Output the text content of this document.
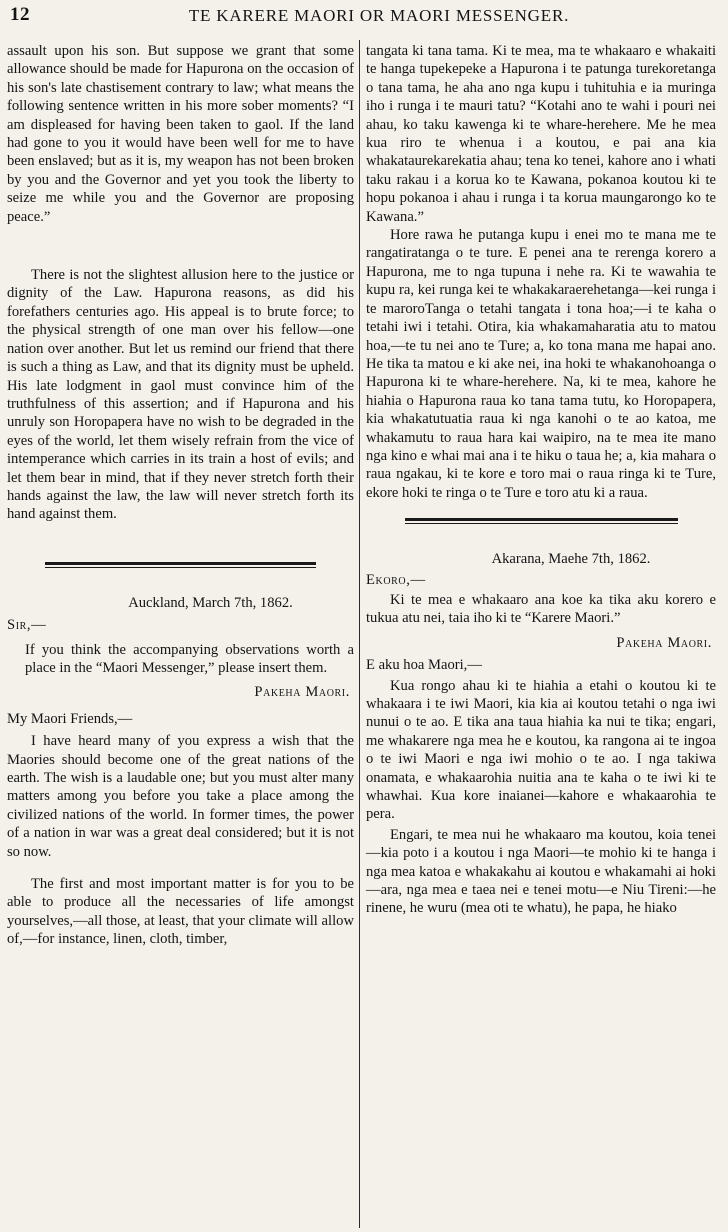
12	TE KARERE MAORI OR MAORI MESSENGER.

assault upon his son. But suppose we grant that some allowance should be made for Hapurona on the occasion of his son's late chastisement contrary to law; what means the following sentence written in his more sober moments? “I am displeased for having been taken to gaol. If the land had gone to you it would have been well for me to have been enslaved; but as it is, my weapon has not been broken by you and the Governor and yet you took the liberty to seize me while you and the Governor are proposing peace.”

There is not the slightest allusion here to the justice or dignity of the Law. Hapurona reasons, as did his forefathers centuries ago. His appeal is to brute force; to the physical strength of one man over his fellow—one nation over another. But let us remind our friend that there is such a thing as Law, and that its dignity must be upheld. His late lodgment in gaol must convince him of the truthfulness of this assertion; and if Hapurona and his unruly son Horopapera have no wish to be degraded in the eyes of the world, let them wisely refrain from the vice of intemperance which carries in its train a host of evils; and let them bear in mind, that if they never stretch forth their hands against the law, the law will never stretch forth its hand against them.

Auckland, March 7th, 1862.

Sir,—

If you think the accompanying observations worth a place in the “Maori Messenger,” please insert them.

Pakeha Maori.

My Maori Friends,—

I have heard many of you express a wish that the Maories should become one of the great nations of the earth. The wish is a laudable one; but you must alter many matters among you before you take a place among the civilized nations of the world. In former times, the power of a nation in war was a great deal considered; but it is not so now.

The first and most important matter is for you to be able to produce all the necessaries of life amongst yourselves,—all those, at least, that your climate will allow of,—for instance, linen, cloth, timber,

tangata ki tana tama. Ki te mea, ma te whakaaro e whakaiti te hanga tupekepeke a Hapurona i te patunga turekoretanga o tana tama, he aha ano nga kupu i tuhituhia e ia muringa iho i runga i te mauri tatu? “Kotahi ano te wahi i pouri nei ahau, ko taku kawenga ki te whare-herehere. Me he mea kua riro te whenua i a koutou, e pai ana kia whakataurekarekatia ahau; tena ko tenei, kahore ano i whati taku rakau i a korua ko te Kawana, pokanoa koutou ki te hopu pokanoa i ahau i runga i ta korua maungarongo ko te Kawana.”

Hore rawa he putanga kupu i enei mo te mana me te rangatiratanga o te ture. E penei ana te rerenga korero a Hapurona, me to nga tupuna i nehe ra. Ki te wawahia te kupu ra, kei runga kei te whakakaraerehetanga—kei runga i te maroroTanga o tetahi tangata i tona hoa;—i te kaha o tetahi iwi i tetahi. Otira, kia whakamaharatia atu to matou hoa,—te tu nei ano te Ture; a, ko tona mana me hapai ano. He tika ta matou e ki ake nei, ina hoki te whakanohoanga o Hapurona ki te whare-herehere. Na, ki te mea, kahore he hiahia o Hapurona raua ko tana tama tutu, ko Horopapera, kia whakatutuatia raua ki nga kanohi o te ao katoa, me whakamutu to raua hara kai waipiro, na te mea ite mano nga kino e whai mai ana i te hiku o taua he; a, kia mahara o raua ngakau, ki te kore e toro mai o raua ringa ki te Ture, ekore hoki te ringa o te Ture e toro atu ki a raua.

Akarana, Maehe 7th, 1862.

Ekoro,—

Ki te mea e whakaaro ana koe ka tika aku korero e tukua atu nei, taia iho ki te “Karere Maori.”

Pakeha Maori.

E aku hoa Maori,—

Kua rongo ahau ki te hiahia a etahi o koutou ki te whakaara i te iwi Maori, kia kia ai koutou tetahi o nga iwi nunui o te ao. E tika ana taua hiahia ka nui te tika; engari, me whakarere nga mea he e koutou, ka rangona ai te ingoa o te iwi Maori e nga iwi mohio o te ao. I nga takiwa onamata, e whakaarohia nuitia ana te kaha o te iwi ki te whawhai. Kua kore inaianei—kahore e whakaarohia te pera.

Engari, te mea nui he whakaaro ma koutou, koia tenei—kia poto i a koutou i nga Maori—te mohio ki te hanga i nga mea katoa e whakakahu ai koutou e whakamahi ai hoki—ara, nga mea e taea nei e tenei motu—e Niu Tireni:—he rinene, he wuru (mea oti te whatu), he papa, he hiako
